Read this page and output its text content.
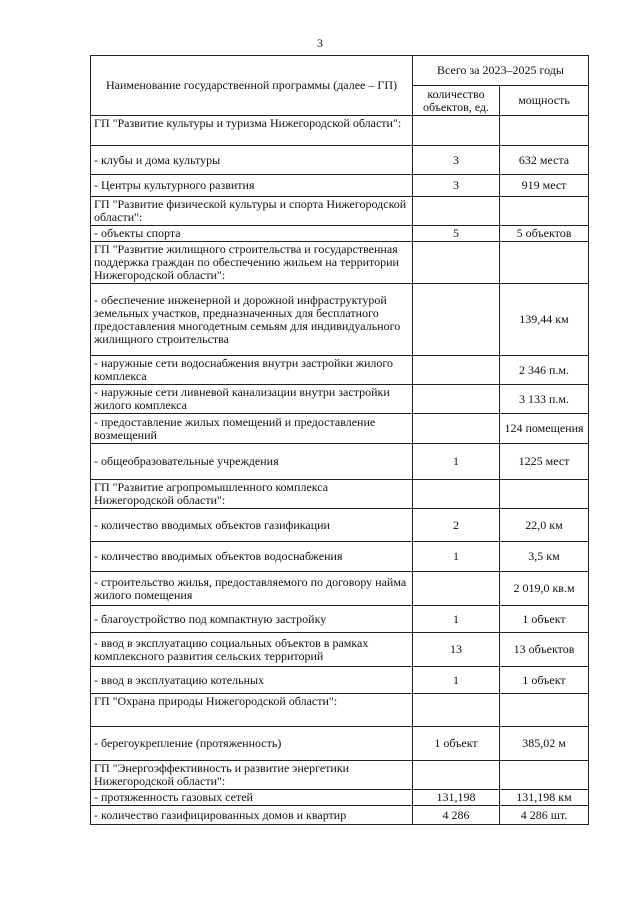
3
Наименование государственной программы (далее – ГП)	Всего за 2023–2025 годы	
	количество объектов, ед.	мощность
ГП "Развитие культуры и туризма Нижегородской области":		
- клубы и дома культуры	3	632 места
- Центры культурного развития	3	919 мест
ГП "Развитие физической культуры и спорта Нижегородской области":		
- объекты спорта	5	5 объектов
ГП "Развитие жилищного строительства и государственная поддержка граждан по обеспечению жильем на территории Нижегородской области":		
- обеспечение инженерной и дорожной инфраструктурой земельных участков, предназначенных для бесплатного предоставления многодетным семьям для индивидуального жилищного строительства		139,44 км
- наружные сети водоснабжения внутри застройки жилого комплекса		2 346 п.м.
- наружные сети ливневой канализации внутри застройки жилого комплекса		3 133 п.м.
- предоставление жилых помещений и предоставление возмещений		124 помещения
- общеобразовательные учреждения	1	1225 мест
ГП "Развитие агропромышленного комплекса Нижегородской области":		
- количество вводимых объектов газификации	2	22,0 км
- количество вводимых объектов водоснабжения	1	3,5 км
- строительство жилья, предоставляемого по договору найма жилого помещения		2 019,0 кв.м
- благоустройство под компактную застройку	1	1 объект
- ввод в эксплуатацию социальных объектов в рамках комплексного развития сельских территорий	13	13 объектов
- ввод в эксплуатацию котельных	1	1 объект
ГП "Охрана природы Нижегородской области":		
- берегоукрепление (протяженность)	1 объект	385,02 м
ГП "Энергоэффективность и развитие энергетики Нижегородской области":		
- протяженность газовых сетей	131,198	131,198 км
- количество газифицированных домов и квартир	4 286	4 286 шт.
